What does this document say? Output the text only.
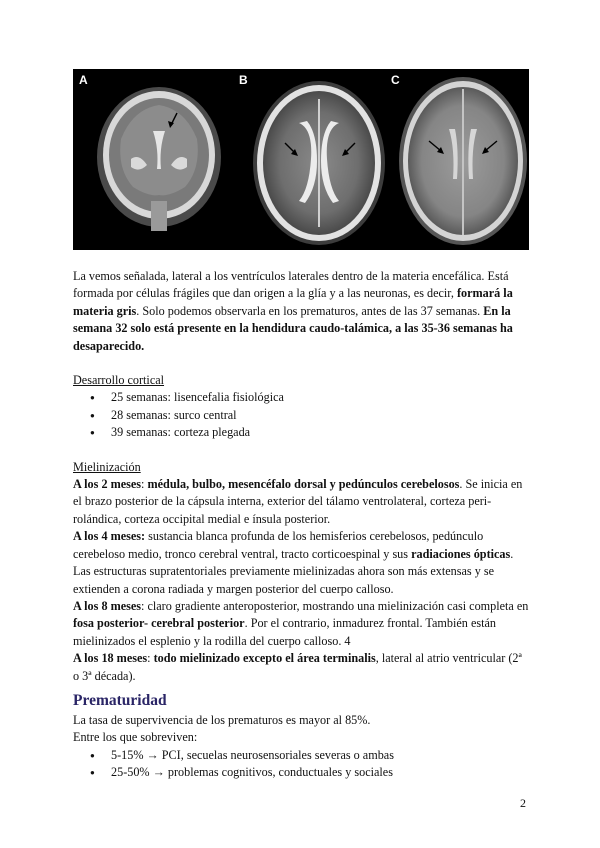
A	B	C

La vemos señalada, lateral a los ventrículos laterales dentro de la materia encefálica. Está formada por células frágiles que dan origen a la glía y a las neuronas, es decir, formará la materia gris. Solo podemos observarla en los prematuros, antes de las 37 semanas. En la semana 32 solo está presente en la hendidura caudo-talámica, a las 35-36 semanas ha desaparecido.

Desarrollo cortical

● 25 semanas: lisencefalia fisiológica
● 28 semanas: surco central
● 39 semanas: corteza plegada

Mielinización

A los 2 meses: médula, bulbo, mesencéfalo dorsal y pedúnculos cerebelosos. Se inicia en el brazo posterior de la cápsula interna, exterior del tálamo ventrolateral, corteza peri-rolándica, corteza occipital medial e ínsula posterior.

A los 4 meses: sustancia blanca profunda de los hemisferios cerebelosos, pedúnculo cerebeloso medio, tronco cerebral ventral, tracto corticoespinal y sus radiaciones ópticas. Las estructuras supratentoriales previamente mielinizadas ahora son más extensas y se extienden a corona radiada y margen posterior del cuerpo calloso.

A los 8 meses: claro gradiente anteroposterior, mostrando una mielinización casi completa en fosa posterior- cerebral posterior. Por el contrario, inmadurez frontal. También están mielinizados el esplenio y la rodilla del cuerpo calloso. 4

A los 18 meses: todo mielinizado excepto el área terminalis, lateral al atrio ventricular (2ª o 3ª década).

Prematuridad

La tasa de supervivencia de los prematuros es mayor al 85%.

Entre los que sobreviven:

● 5-15% → PCI, secuelas neurosensoriales severas o ambas
● 25-50% → problemas cognitivos, conductuales y sociales
2
